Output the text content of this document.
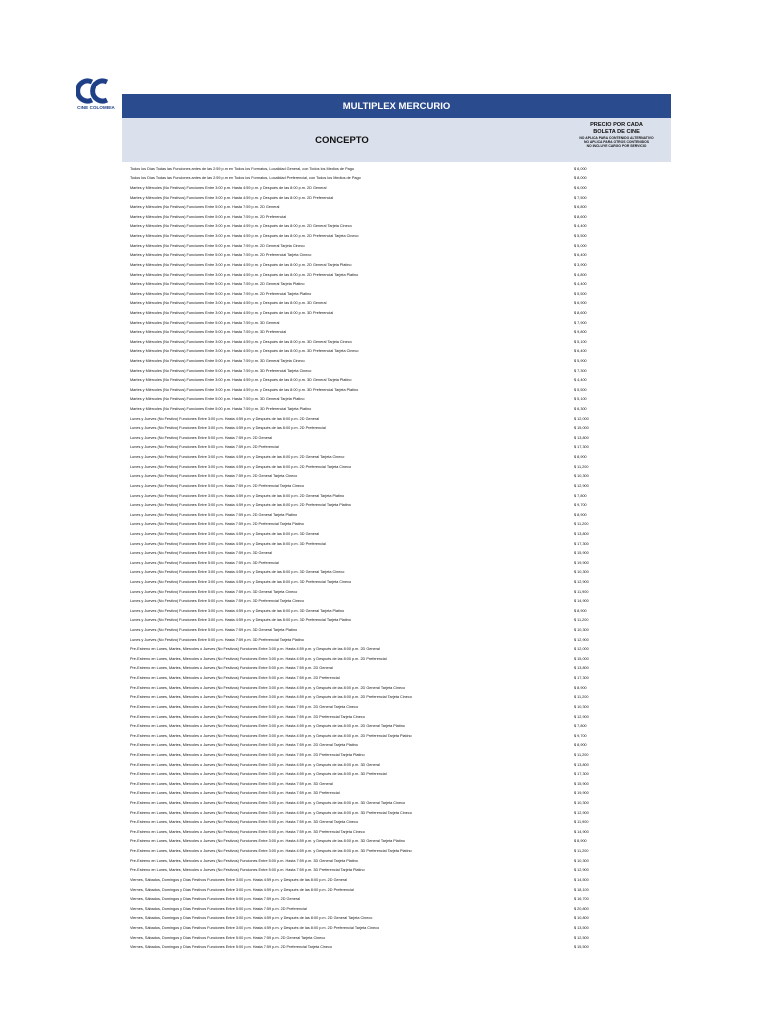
CINE COLOMBIA	MULTIPLEX MERCURIO
CONCEPTO
PRECIO POR CADA
BOLETA DE CINE
NO APLICA PARA CONTENIDO ALTERNATIVO
NO APLICA PARA OTROS CONTENIDOS
NO INCLUYE CARGO POR SERVICIO
Todos los Días Todas las Funciones antes de las 2:59 p.m en Todos los Formatos, Localidad General, con Todos los Medios de Pago	$ 6,000
Todos los Días Todas las Funciones antes de las 2:59 p.m en Todos los Formatos, Localidad Preferencial, con Todos los Medios de Pago	$ 8,000
Martes y Miércoles (No Festivos) Funciones Entre 3:00 p.m. Hasta 4:59 p.m. y Después de las 8:00 p.m. 2D General	$ 6,000
Martes y Miércoles (No Festivos) Funciones Entre 3:00 p.m. Hasta 4:59 p.m. y Después de las 8:00 p.m. 2D Preferencial	$ 7,500
Martes y Miércoles (No Festivos) Funciones Entre 5:00 p.m. Hasta 7:59 p.m. 2D General	$ 6,800
Martes y Miércoles (No Festivos) Funciones Entre 5:00 p.m. Hasta 7:59 p.m. 2D Preferencial	$ 8,600
Martes y Miércoles (No Festivos) Funciones Entre 3:00 p.m. Hasta 4:59 p.m. y Después de las 8:00 p.m. 2D General Tarjeta Cineco	$ 4,400
Martes y Miércoles (No Festivos) Funciones Entre 3:00 p.m. Hasta 4:59 p.m. y Después de las 8:00 p.m. 2D Preferencial Tarjeta Cineco	$ 5,500
Martes y Miércoles (No Festivos) Funciones Entre 5:00 p.m. Hasta 7:59 p.m. 2D General Tarjeta Cineco	$ 5,000
Martes y Miércoles (No Festivos) Funciones Entre 5:00 p.m. Hasta 7:59 p.m. 2D Preferencial Tarjeta Cineco	$ 6,400
Martes y Miércoles (No Festivos) Funciones Entre 3:00 p.m. Hasta 4:59 p.m. y Después de las 8:00 p.m. 2D General Tarjeta Platino	$ 3,900
Martes y Miércoles (No Festivos) Funciones Entre 3:00 p.m. Hasta 4:59 p.m. y Después de las 8:00 p.m. 2D Preferencial Tarjeta Platino	$ 4,800
Martes y Miércoles (No Festivos) Funciones Entre 5:00 p.m. Hasta 7:59 p.m. 2D General Tarjeta Platino	$ 4,400
Martes y Miércoles (No Festivos) Funciones Entre 5:00 p.m. Hasta 7:59 p.m. 2D Preferencial Tarjeta Platino	$ 5,500
Martes y Miércoles (No Festivos) Funciones Entre 3:00 p.m. Hasta 4:59 p.m. y Después de las 8:00 p.m. 3D General	$ 6,900
Martes y Miércoles (No Festivos) Funciones Entre 3:00 p.m. Hasta 4:59 p.m. y Después de las 8:00 p.m. 3D Preferencial	$ 8,600
Martes y Miércoles (No Festivos) Funciones Entre 5:00 p.m. Hasta 7:59 p.m. 3D General	$ 7,900
Martes y Miércoles (No Festivos) Funciones Entre 5:00 p.m. Hasta 7:59 p.m. 3D Preferencial	$ 9,800
Martes y Miércoles (No Festivos) Funciones Entre 3:00 p.m. Hasta 4:59 p.m. y Después de las 8:00 p.m. 3D General Tarjeta Cineco	$ 5,100
Martes y Miércoles (No Festivos) Funciones Entre 3:00 p.m. Hasta 4:59 p.m. y Después de las 8:00 p.m. 3D Preferencial Tarjeta Cineco	$ 6,400
Martes y Miércoles (No Festivos) Funciones Entre 5:00 p.m. Hasta 7:59 p.m. 3D General Tarjeta Cineco	$ 5,900
Martes y Miércoles (No Festivos) Funciones Entre 5:00 p.m. Hasta 7:59 p.m. 3D Preferencial Tarjeta Cineco	$ 7,300
Martes y Miércoles (No Festivos) Funciones Entre 3:00 p.m. Hasta 4:59 p.m. y Después de las 8:00 p.m. 3D General Tarjeta Platino	$ 4,400
Martes y Miércoles (No Festivos) Funciones Entre 3:00 p.m. Hasta 4:59 p.m. y Después de las 8:00 p.m. 3D Preferencial Tarjeta Platino	$ 5,500
Martes y Miércoles (No Festivos) Funciones Entre 5:00 p.m. Hasta 7:59 p.m. 3D General Tarjeta Platino	$ 5,100
Martes y Miércoles (No Festivos) Funciones Entre 5:00 p.m. Hasta 7:59 p.m. 3D Preferencial Tarjeta Platino	$ 6,300
Lunes y Jueves (No Festivo) Funciones Entre 3:00 p.m. Hasta 4:59 p.m. y Después de las 8:00 p.m. 2D General	$ 12,000
Lunes y Jueves (No Festivo) Funciones Entre 3:00 p.m. Hasta 4:59 p.m. y Después de las 8:00 p.m. 2D Preferencial	$ 15,000
Lunes y Jueves (No Festivo) Funciones Entre 5:00 p.m. Hasta 7:59 p.m. 2D General	$ 13,800
Lunes y Jueves (No Festivo) Funciones Entre 5:00 p.m. Hasta 7:59 p.m. 2D Preferencial	$ 17,300
Lunes y Jueves (No Festivo) Funciones Entre 3:00 p.m. Hasta 4:59 p.m. y Después de las 8:00 p.m. 2D General Tarjeta Cineco	$ 8,900
Lunes y Jueves (No Festivo) Funciones Entre 3:00 p.m. Hasta 4:59 p.m. y Después de las 8:00 p.m. 2D Preferencial Tarjeta Cineco	$ 11,200
Lunes y Jueves (No Festivo) Funciones Entre 5:00 p.m. Hasta 7:59 p.m. 2D General Tarjeta Cineco	$ 10,300
Lunes y Jueves (No Festivo) Funciones Entre 5:00 p.m. Hasta 7:59 p.m. 2D Preferencial Tarjeta Cineco	$ 12,900
Lunes y Jueves (No Festivo) Funciones Entre 3:00 p.m. Hasta 4:59 p.m. y Después de las 8:00 p.m. 2D General Tarjeta Platino	$ 7,800
Lunes y Jueves (No Festivo) Funciones Entre 3:00 p.m. Hasta 4:59 p.m. y Después de las 8:00 p.m. 2D Preferencial Tarjeta Platino	$ 9,700
Lunes y Jueves (No Festivo) Funciones Entre 5:00 p.m. Hasta 7:59 p.m. 2D General Tarjeta Platino	$ 8,900
Lunes y Jueves (No Festivo) Funciones Entre 5:00 p.m. Hasta 7:59 p.m. 2D Preferencial Tarjeta Platino	$ 11,200
Lunes y Jueves (No Festivo) Funciones Entre 3:00 p.m. Hasta 4:59 p.m. y Después de las 8:00 p.m. 3D General	$ 13,800
Lunes y Jueves (No Festivo) Funciones Entre 3:00 p.m. Hasta 4:59 p.m. y Después de las 8:00 p.m. 3D Preferencial	$ 17,300
Lunes y Jueves (No Festivo) Funciones Entre 5:00 p.m. Hasta 7:59 p.m. 3D General	$ 15,900
Lunes y Jueves (No Festivo) Funciones Entre 5:00 p.m. Hasta 7:59 p.m. 3D Preferencial	$ 19,900
Lunes y Jueves (No Festivo) Funciones Entre 3:00 p.m. Hasta 4:59 p.m. y Después de las 8:00 p.m. 3D General Tarjeta Cineco	$ 10,300
Lunes y Jueves (No Festivo) Funciones Entre 3:00 p.m. Hasta 4:59 p.m. y Después de las 8:00 p.m. 3D Preferencial Tarjeta Cineco	$ 12,900
Lunes y Jueves (No Festivo) Funciones Entre 5:00 p.m. Hasta 7:59 p.m. 3D General Tarjeta Cineco	$ 11,900
Lunes y Jueves (No Festivo) Funciones Entre 5:00 p.m. Hasta 7:59 p.m. 3D Preferencial Tarjeta Cineco	$ 14,900
Lunes y Jueves (No Festivo) Funciones Entre 3:00 p.m. Hasta 4:59 p.m. y Después de las 8:00 p.m. 3D General Tarjeta Platino	$ 8,900
Lunes y Jueves (No Festivo) Funciones Entre 3:00 p.m. Hasta 4:59 p.m. y Después de las 8:00 p.m. 3D Preferencial Tarjeta Platino	$ 11,200
Lunes y Jueves (No Festivo) Funciones Entre 5:00 p.m. Hasta 7:59 p.m. 3D General Tarjeta Platino	$ 10,300
Lunes y Jueves (No Festivo) Funciones Entre 5:00 p.m. Hasta 7:59 p.m. 3D Preferencial Tarjeta Platino	$ 12,900
Pre-Estreno en Lunes, Martes, Miercoles o Jueves (No Festivos) Funciones Entre 3:00 p.m. Hasta 4:59 p.m. y Después de las 8:00 p.m. 2D General	$ 12,000
Pre-Estreno en Lunes, Martes, Miercoles o Jueves (No Festivos) Funciones Entre 3:00 p.m. Hasta 4:59 p.m. y Después de las 8:00 p.m. 2D Preferencial	$ 15,000
Pre-Estreno en Lunes, Martes, Miercoles o Jueves (No Festivos) Funciones Entre 5:00 p.m. Hasta 7:59 p.m. 2D General	$ 13,800
Pre-Estreno en Lunes, Martes, Miercoles o Jueves (No Festivos) Funciones Entre 5:00 p.m. Hasta 7:59 p.m. 2D Preferencial	$ 17,300
Pre-Estreno en Lunes, Martes, Miercoles o Jueves (No Festivos) Funciones Entre 3:00 p.m. Hasta 4:59 p.m. y Después de las 8:00 p.m. 2D General Tarjeta Cineco	$ 8,900
Pre-Estreno en Lunes, Martes, Miercoles o Jueves (No Festivos) Funciones Entre 3:00 p.m. Hasta 4:59 p.m. y Después de las 8:00 p.m. 2D Preferencial Tarjeta Cineco	$ 11,200
Pre-Estreno en Lunes, Martes, Miercoles o Jueves (No Festivos) Funciones Entre 5:00 p.m. Hasta 7:59 p.m. 2D General Tarjeta Cineco	$ 10,300
Pre-Estreno en Lunes, Martes, Miercoles o Jueves (No Festivos) Funciones Entre 5:00 p.m. Hasta 7:59 p.m. 2D Preferencial Tarjeta Cineco	$ 12,900
Pre-Estreno en Lunes, Martes, Miercoles o Jueves (No Festivos) Funciones Entre 3:00 p.m. Hasta 4:59 p.m. y Después de las 8:00 p.m. 2D General Tarjeta Platino	$ 7,800
Pre-Estreno en Lunes, Martes, Miercoles o Jueves (No Festivos) Funciones Entre 3:00 p.m. Hasta 4:59 p.m. y Después de las 8:00 p.m. 2D Preferencial Tarjeta Platino	$ 9,700
Pre-Estreno en Lunes, Martes, Miercoles o Jueves (No Festivos) Funciones Entre 5:00 p.m. Hasta 7:59 p.m. 2D General Tarjeta Platino	$ 8,900
Pre-Estreno en Lunes, Martes, Miercoles o Jueves (No Festivos) Funciones Entre 5:00 p.m. Hasta 7:59 p.m. 2D Preferencial Tarjeta Platino	$ 11,200
Pre-Estreno en Lunes, Martes, Miercoles o Jueves (No Festivos) Funciones Entre 3:00 p.m. Hasta 4:59 p.m. y Después de las 8:00 p.m. 3D General	$ 13,800
Pre-Estreno en Lunes, Martes, Miercoles o Jueves (No Festivos) Funciones Entre 3:00 p.m. Hasta 4:59 p.m. y Después de las 8:00 p.m. 3D Preferencial	$ 17,300
Pre-Estreno en Lunes, Martes, Miercoles o Jueves (No Festivos) Funciones Entre 5:00 p.m. Hasta 7:59 p.m. 3D General	$ 15,900
Pre-Estreno en Lunes, Martes, Miercoles o Jueves (No Festivos) Funciones Entre 5:00 p.m. Hasta 7:59 p.m. 3D Preferencial	$ 19,900
Pre-Estreno en Lunes, Martes, Miercoles o Jueves (No Festivos) Funciones Entre 3:00 p.m. Hasta 4:59 p.m. y Después de las 8:00 p.m. 3D General Tarjeta Cineco	$ 10,300
Pre-Estreno en Lunes, Martes, Miercoles o Jueves (No Festivos) Funciones Entre 3:00 p.m. Hasta 4:59 p.m. y Después de las 8:00 p.m. 3D Preferencial Tarjeta Cineco	$ 12,900
Pre-Estreno en Lunes, Martes, Miercoles o Jueves (No Festivos) Funciones Entre 5:00 p.m. Hasta 7:59 p.m. 3D General Tarjeta Cineco	$ 11,900
Pre-Estreno en Lunes, Martes, Miercoles o Jueves (No Festivos) Funciones Entre 5:00 p.m. Hasta 7:59 p.m. 3D Preferencial Tarjeta Cineco	$ 14,900
Pre-Estreno en Lunes, Martes, Miercoles o Jueves (No Festivos) Funciones Entre 3:00 p.m. Hasta 4:59 p.m. y Después de las 8:00 p.m. 3D General Tarjeta Platino	$ 8,900
Pre-Estreno en Lunes, Martes, Miercoles o Jueves (No Festivos) Funciones Entre 3:00 p.m. Hasta 4:59 p.m. y Después de las 8:00 p.m. 3D Preferencial Tarjeta Platino	$ 11,200
Pre-Estreno en Lunes, Martes, Miercoles o Jueves (No Festivos) Funciones Entre 5:00 p.m. Hasta 7:59 p.m. 3D General Tarjeta Platino	$ 10,300
Pre-Estreno en Lunes, Martes, Miercoles o Jueves (No Festivos) Funciones Entre 5:00 p.m. Hasta 7:59 p.m. 3D Preferencial Tarjeta Platino	$ 12,900
Viernes, Sábados, Domingos y Días Festivos Funciones Entre 3:00 p.m. Hasta 4:59 p.m. y Después de las 8:00 p.m. 2D General	$ 14,500
Viernes, Sábados, Domingos y Días Festivos Funciones Entre 3:00 p.m. Hasta 4:59 p.m. y Después de las 8:00 p.m. 2D Preferencial	$ 18,100
Viernes, Sábados, Domingos y Días Festivos Funciones Entre 5:00 p.m. Hasta 7:59 p.m. 2D General	$ 16,700
Viernes, Sábados, Domingos y Días Festivos Funciones Entre 5:00 p.m. Hasta 7:59 p.m. 2D Preferencial	$ 20,800
Viernes, Sábados, Domingos y Días Festivos Funciones Entre 3:00 p.m. Hasta 4:59 p.m. y Después de las 8:00 p.m. 2D General Tarjeta Cineco	$ 10,800
Viernes, Sábados, Domingos y Días Festivos Funciones Entre 3:00 p.m. Hasta 4:59 p.m. y Después de las 8:00 p.m. 2D Preferencial Tarjeta Cineco	$ 13,500
Viernes, Sábados, Domingos y Días Festivos Funciones Entre 5:00 p.m. Hasta 7:59 p.m. 2D General Tarjeta Cineco	$ 12,500
Viernes, Sábados, Domingos y Días Festivos Funciones Entre 5:00 p.m. Hasta 7:59 p.m. 2D Preferencial Tarjeta Cineco	$ 15,500
